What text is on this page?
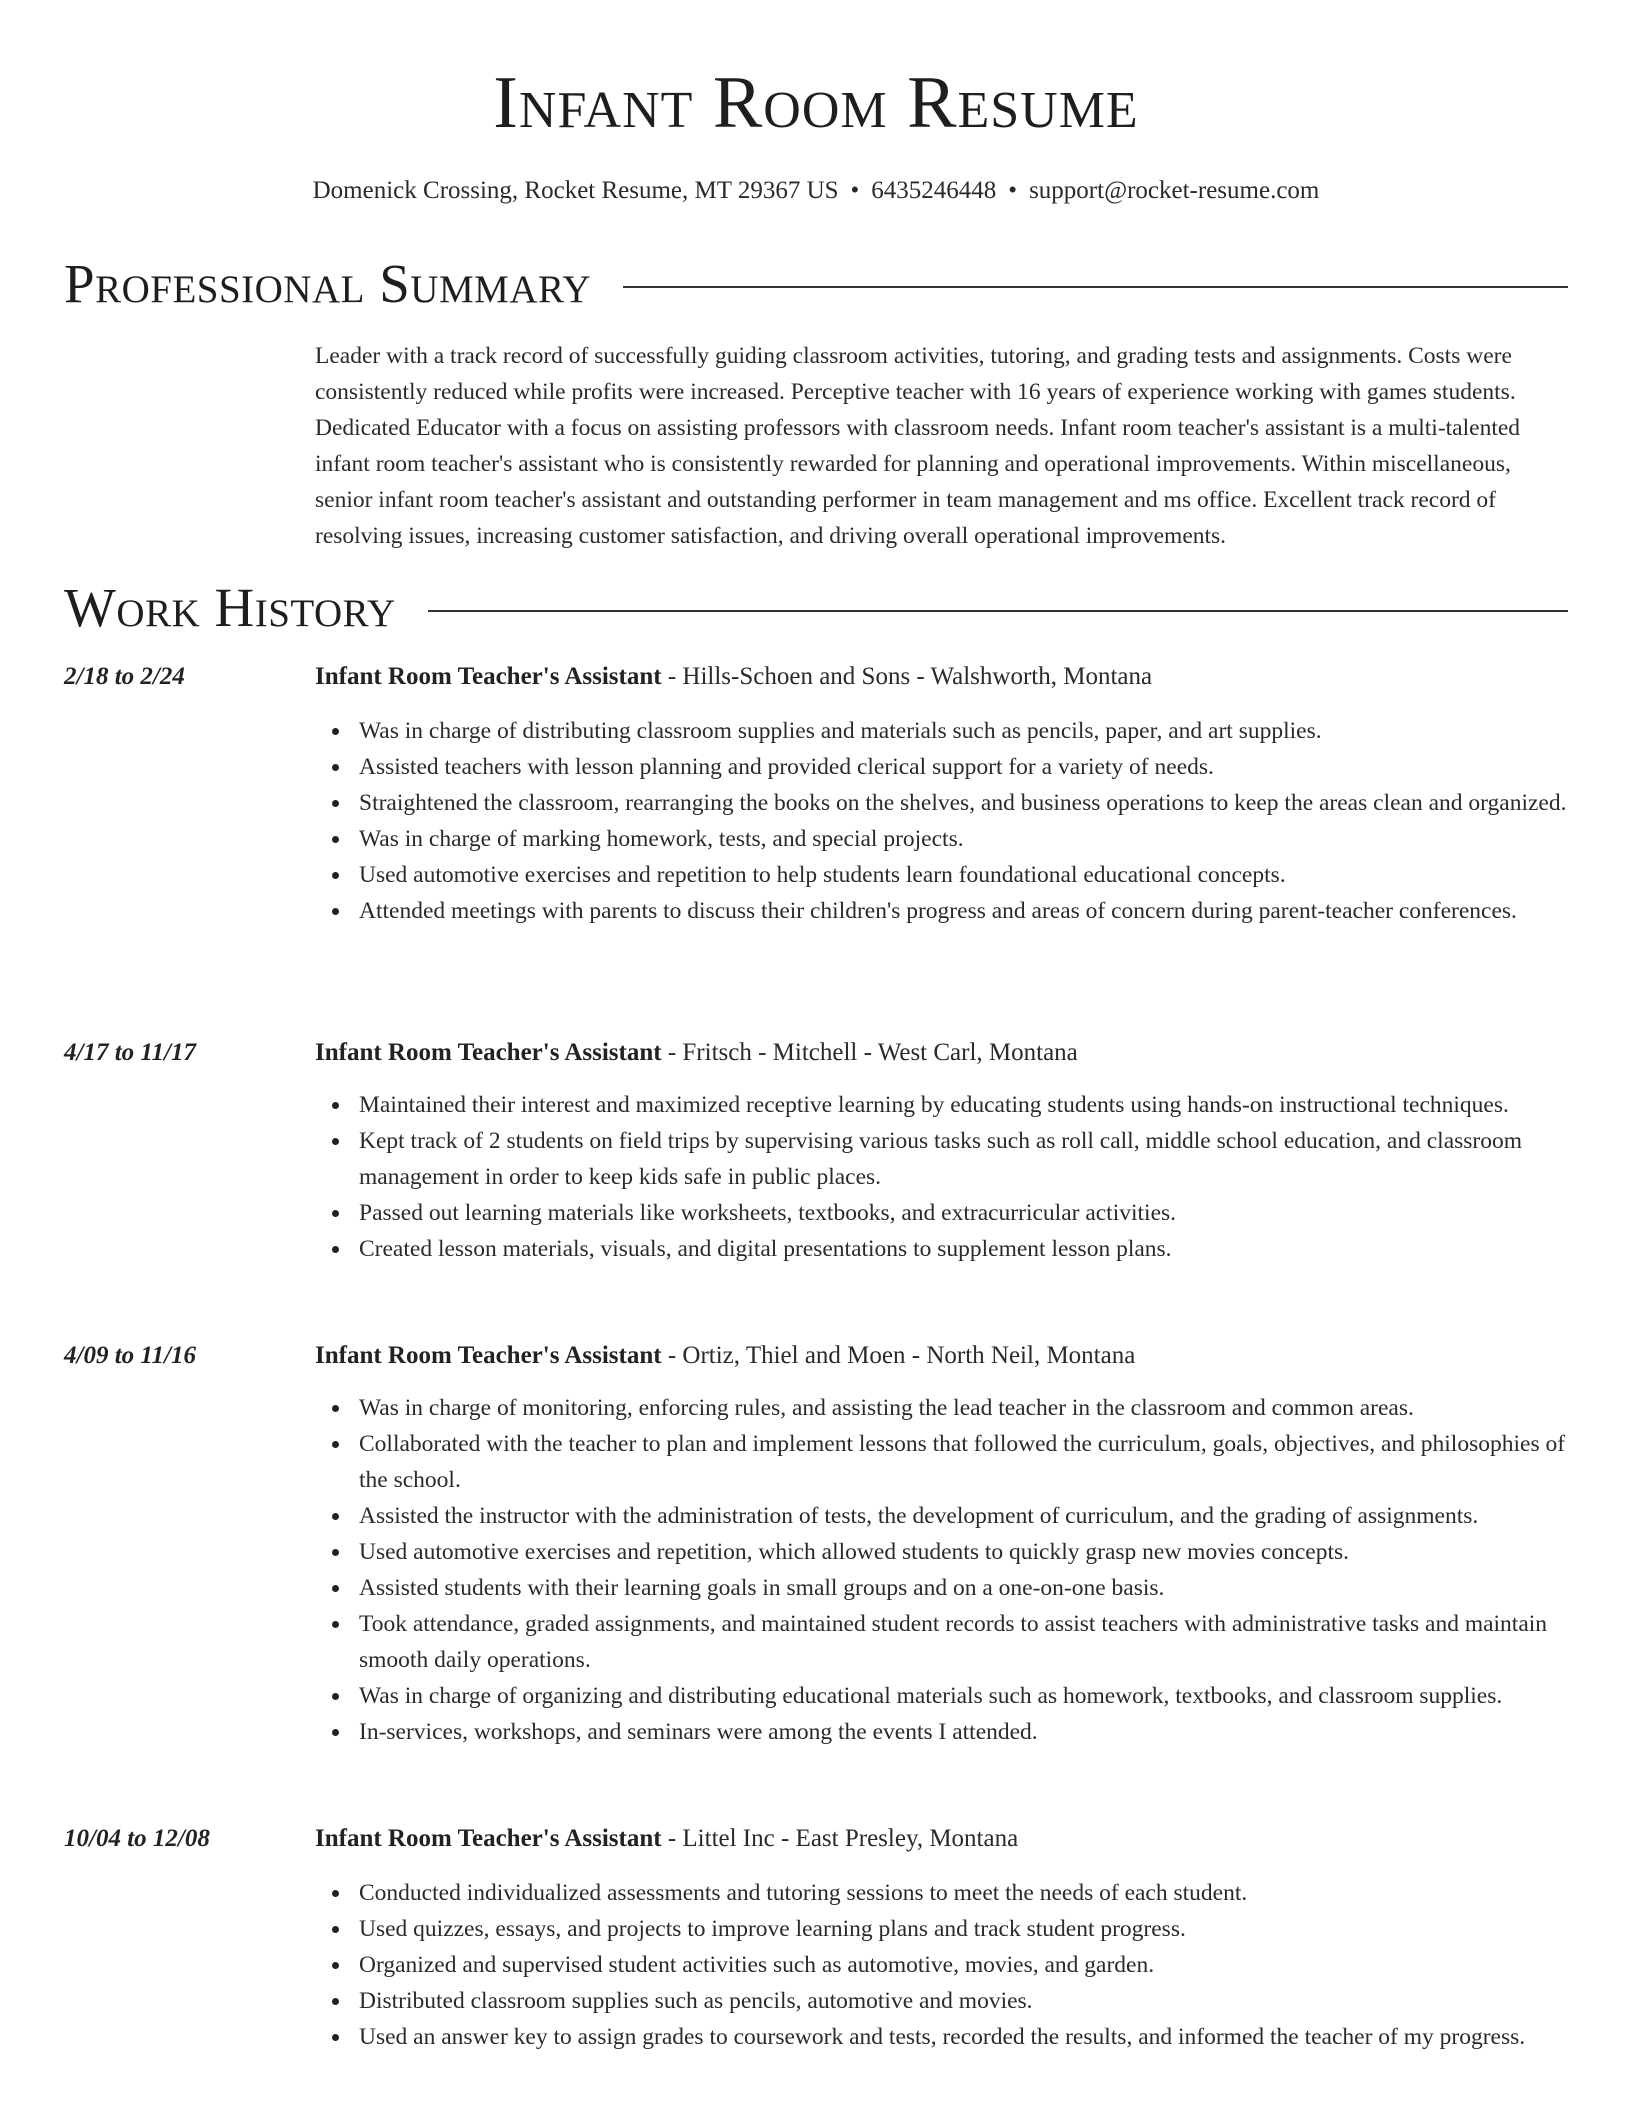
Infant Room Resume
Domenick Crossing, Rocket Resume, MT 29367 US • 6435246448 • support@rocket-resume.com
Professional Summary
Leader with a track record of successfully guiding classroom activities, tutoring, and grading tests and assignments. Costs were consistently reduced while profits were increased. Perceptive teacher with 16 years of experience working with games students. Dedicated Educator with a focus on assisting professors with classroom needs. Infant room teacher's assistant is a multi-talented infant room teacher's assistant who is consistently rewarded for planning and operational improvements. Within miscellaneous, senior infant room teacher's assistant and outstanding performer in team management and ms office. Excellent track record of resolving issues, increasing customer satisfaction, and driving overall operational improvements.
Work History
2/18 to 2/24	Infant Room Teacher's Assistant - Hills-Schoen and Sons - Walshworth, Montana
Was in charge of distributing classroom supplies and materials such as pencils, paper, and art supplies.
Assisted teachers with lesson planning and provided clerical support for a variety of needs.
Straightened the classroom, rearranging the books on the shelves, and business operations to keep the areas clean and organized.
Was in charge of marking homework, tests, and special projects.
Used automotive exercises and repetition to help students learn foundational educational concepts.
Attended meetings with parents to discuss their children's progress and areas of concern during parent-teacher conferences.
4/17 to 11/17	Infant Room Teacher's Assistant - Fritsch - Mitchell - West Carl, Montana
Maintained their interest and maximized receptive learning by educating students using hands-on instructional techniques.
Kept track of 2 students on field trips by supervising various tasks such as roll call, middle school education, and classroom management in order to keep kids safe in public places.
Passed out learning materials like worksheets, textbooks, and extracurricular activities.
Created lesson materials, visuals, and digital presentations to supplement lesson plans.
4/09 to 11/16	Infant Room Teacher's Assistant - Ortiz, Thiel and Moen - North Neil, Montana
Was in charge of monitoring, enforcing rules, and assisting the lead teacher in the classroom and common areas.
Collaborated with the teacher to plan and implement lessons that followed the curriculum, goals, objectives, and philosophies of the school.
Assisted the instructor with the administration of tests, the development of curriculum, and the grading of assignments.
Used automotive exercises and repetition, which allowed students to quickly grasp new movies concepts.
Assisted students with their learning goals in small groups and on a one-on-one basis.
Took attendance, graded assignments, and maintained student records to assist teachers with administrative tasks and maintain smooth daily operations.
Was in charge of organizing and distributing educational materials such as homework, textbooks, and classroom supplies.
In-services, workshops, and seminars were among the events I attended.
10/04 to 12/08	Infant Room Teacher's Assistant - Littel Inc - East Presley, Montana
Conducted individualized assessments and tutoring sessions to meet the needs of each student.
Used quizzes, essays, and projects to improve learning plans and track student progress.
Organized and supervised student activities such as automotive, movies, and garden.
Distributed classroom supplies such as pencils, automotive and movies.
Used an answer key to assign grades to coursework and tests, recorded the results, and informed the teacher of my progress.
